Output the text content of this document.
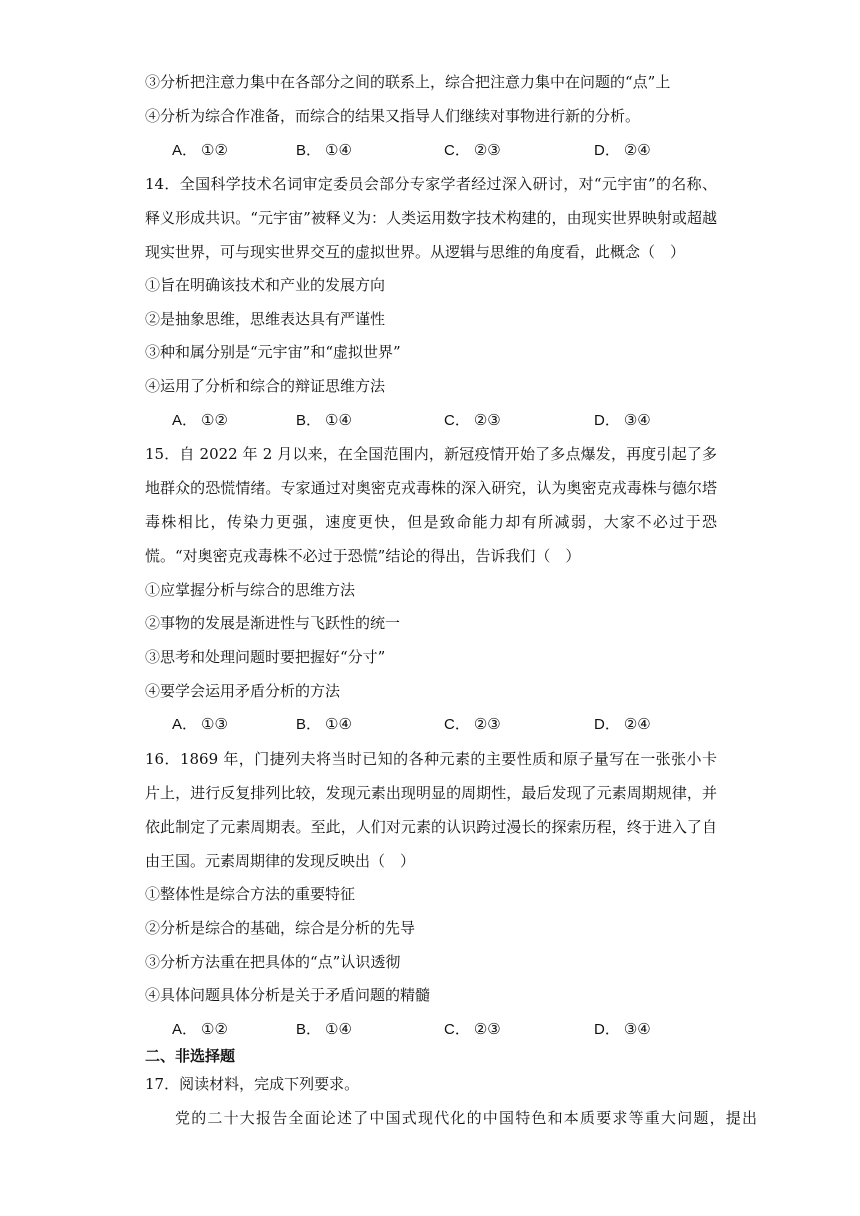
③分析把注意力集中在各部分之间的联系上，综合把注意力集中在问题的“点”上
④分析为综合作准备，而综合的结果又指导人们继续对事物进行新的分析。
A． ①②	B． ①④	C． ②③	D． ②④
14．全国科学技术名词审定委员会部分专家学者经过深入研讨，对“元宇宙”的名称、释义形成共识。“元宇宙”被释义为：人类运用数字技术构建的，由现实世界映射或超越现实世界，可与现实世界交互的虚拟世界。从逻辑与思维的角度看，此概念（　）
①旨在明确该技术和产业的发展方向
②是抽象思维，思维表达具有严谨性
③种和属分别是“元宇宙”和“虚拟世界”
④运用了分析和综合的辩证思维方法
A． ①②	B． ①④	C． ②③	D． ③④
15．自 2022 年 2 月以来，在全国范围内，新冠疫情开始了多点爆发，再度引起了多地群众的恐慌情绪。专家通过对奥密克戎毒株的深入研究，认为奥密克戎毒株与德尔塔毒株相比，传染力更强，速度更快，但是致命能力却有所减弱，大家不必过于恐慌。“对奥密克戎毒株不必过于恐慌”结论的得出，告诉我们（　）
①应掌握分析与综合的思维方法
②事物的发展是渐进性与飞跃性的统一
③思考和处理问题时要把握好“分寸”
④要学会运用矛盾分析的方法
A． ①③	B． ①④	C． ②③	D． ②④
16．1869 年，门捷列夫将当时已知的各种元素的主要性质和原子量写在一张张小卡片上，进行反复排列比较，发现元素出现明显的周期性，最后发现了元素周期规律，并依此制定了元素周期表。至此，人们对元素的认识跨过漫长的探索历程，终于进入了自由王国。元素周期律的发现反映出（　）
①整体性是综合方法的重要特征
②分析是综合的基础，综合是分析的先导
③分析方法重在把具体的“点”认识透彻
④具体问题具体分析是关于矛盾问题的精髓
A． ①②	B． ①④	C． ②③	D． ③④
二、非选择题
17．阅读材料，完成下列要求。
党的二十大报告全面论述了中国式现代化的中国特色和本质要求等重大问题，提出
